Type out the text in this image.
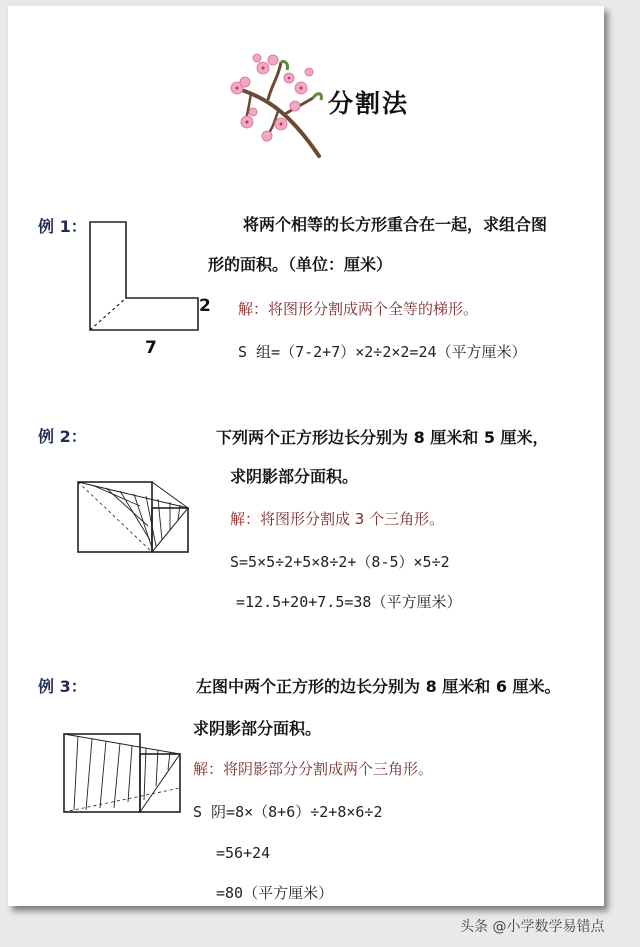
分割法
例 1：
2
7
将两个相等的长方形重合在一起，求组合图
形的面积。（单位：厘米）
解：将图形分割成两个全等的梯形。
S 组=（7-2+7）×2÷2×2=24（平方厘米）
例 2：	下列两个正方形边长分别为 8 厘米和 5 厘米，
求阴影部分面积。
解：将图形分割成 3 个三角形。
S=5×5÷2+5×8÷2+（8-5）×5÷2
=12.5+20+7.5=38（平方厘米）
例 3：	左图中两个正方形的边长分别为 8 厘米和 6 厘米。
求阴影部分面积。
解：将阴影部分分割成两个三角形。
S 阴=8×（8+6）÷2+8×6÷2
=56+24
=80（平方厘米）
头条 @小学数学易错点
